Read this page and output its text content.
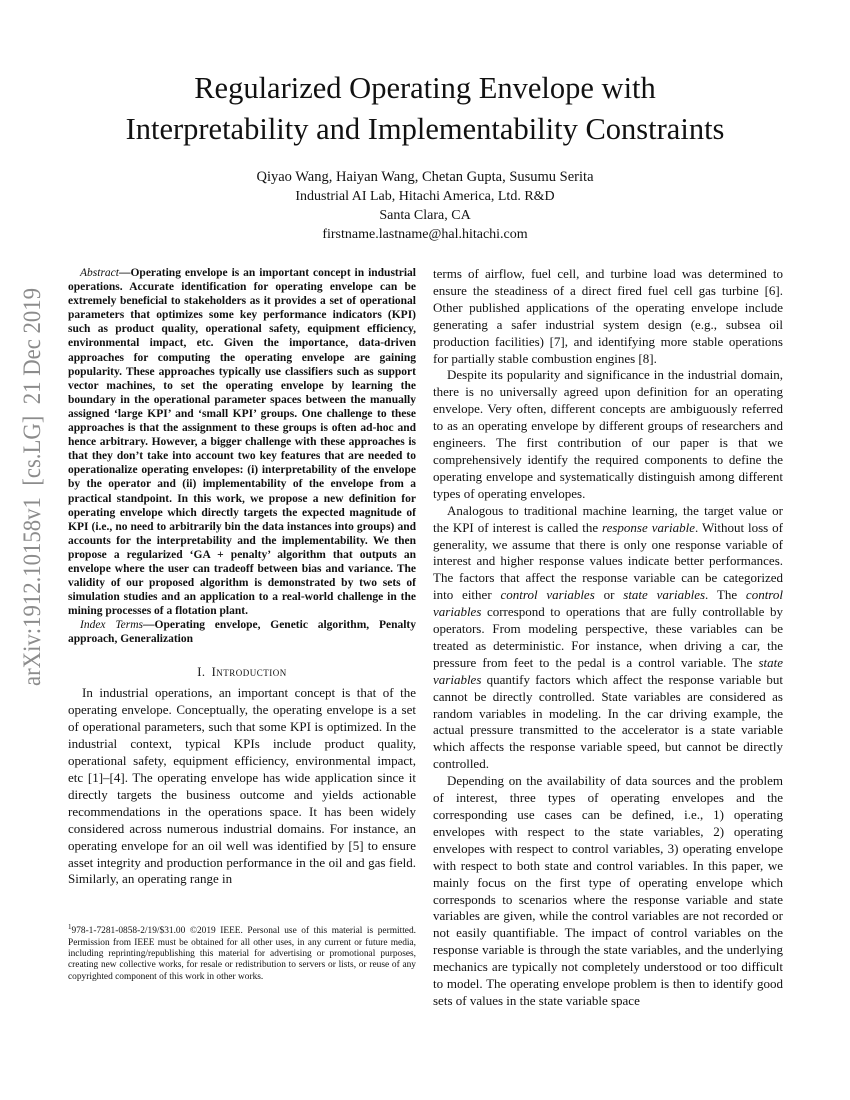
arXiv:1912.10158v1  [cs.LG]  21 Dec 2019
Regularized Operating Envelope with
Interpretability and Implementability Constraints
Qiyao Wang, Haiyan Wang, Chetan Gupta, Susumu Serita
Industrial AI Lab, Hitachi America, Ltd. R&D
Santa Clara, CA
firstname.lastname@hal.hitachi.com

Abstract—Operating envelope is an important concept in industrial operations. Accurate identification for operating envelope can be extremely beneficial to stakeholders as it provides a set of operational parameters that optimizes some key performance indicators (KPI) such as product quality, operational safety, equipment efficiency, environmental impact, etc. Given the importance, data-driven approaches for computing the operating envelope are gaining popularity. These approaches typically use classifiers such as support vector machines, to set the operating envelope by learning the boundary in the operational parameter spaces between the manually assigned ‘large KPI’ and ‘small KPI’ groups. One challenge to these approaches is that the assignment to these groups is often ad-hoc and hence arbitrary. However, a bigger challenge with these approaches is that they don’t take into account two key features that are needed to operationalize operating envelopes: (i) interpretability of the envelope by the operator and (ii) implementability of the envelope from a practical standpoint. In this work, we propose a new definition for operating envelope which directly targets the expected magnitude of KPI (i.e., no need to arbitrarily bin the data instances into groups) and accounts for the interpretability and the implementability. We then propose a regularized ‘GA + penalty’ algorithm that outputs an envelope where the user can tradeoff between bias and variance. The validity of our proposed algorithm is demonstrated by two sets of simulation studies and an application to a real-world challenge in the mining processes of a flotation plant.

Index Terms—Operating envelope, Genetic algorithm, Penalty approach, Generalization

I. Introduction

In industrial operations, an important concept is that of the operating envelope. Conceptually, the operating envelope is a set of operational parameters, such that some KPI is optimized. In the industrial context, typical KPIs include product quality, operational safety, equipment efficiency, environmental impact, etc [1]–[4]. The operating envelope has wide application since it directly targets the business outcome and yields actionable recommendations in the operations space. It has been widely considered across numerous industrial domains. For instance, an operating envelope for an oil well was identified by [5] to ensure asset integrity and production performance in the oil and gas field. Similarly, an operating range in

$^1$978-1-7281-0858-2/19/$31.00 ©2019 IEEE. Personal use of this material is permitted. Permission from IEEE must be obtained for all other uses, in any current or future media, including reprinting/republishing this material for advertising or promotional purposes, creating new collective works, for resale or redistribution to servers or lists, or reuse of any copyrighted component of this work in other works.

terms of airflow, fuel cell, and turbine load was determined to ensure the steadiness of a direct fired fuel cell gas turbine [6]. Other published applications of the operating envelope include generating a safer industrial system design (e.g., subsea oil production facilities) [7], and identifying more stable operations for partially stable combustion engines [8].

Despite its popularity and significance in the industrial domain, there is no universally agreed upon definition for an operating envelope. Very often, different concepts are ambiguously referred to as an operating envelope by different groups of researchers and engineers. The first contribution of our paper is that we comprehensively identify the required components to define the operating envelope and systematically distinguish among different types of operating envelopes.

Analogous to traditional machine learning, the target value or the KPI of interest is called the response variable. Without loss of generality, we assume that there is only one response variable of interest and higher response values indicate better performances. The factors that affect the response variable can be categorized into either control variables or state variables. The control variables correspond to operations that are fully controllable by operators. From modeling perspective, these variables can be treated as deterministic. For instance, when driving a car, the pressure from feet to the pedal is a control variable. The state variables quantify factors which affect the response variable but cannot be directly controlled. State variables are considered as random variables in modeling. In the car driving example, the actual pressure transmitted to the accelerator is a state variable which affects the response variable speed, but cannot be directly controlled.

Depending on the availability of data sources and the problem of interest, three types of operating envelopes and the corresponding use cases can be defined, i.e., 1) operating envelopes with respect to the state variables, 2) operating envelopes with respect to control variables, 3) operating envelope with respect to both state and control variables. In this paper, we mainly focus on the first type of operating envelope which corresponds to scenarios where the response variable and state variables are given, while the control variables are not recorded or not easily quantifiable. The impact of control variables on the response variable is through the state variables, and the underlying mechanics are typically not completely understood or too difficult to model. The operating envelope problem is then to identify good sets of values in the state variable space
